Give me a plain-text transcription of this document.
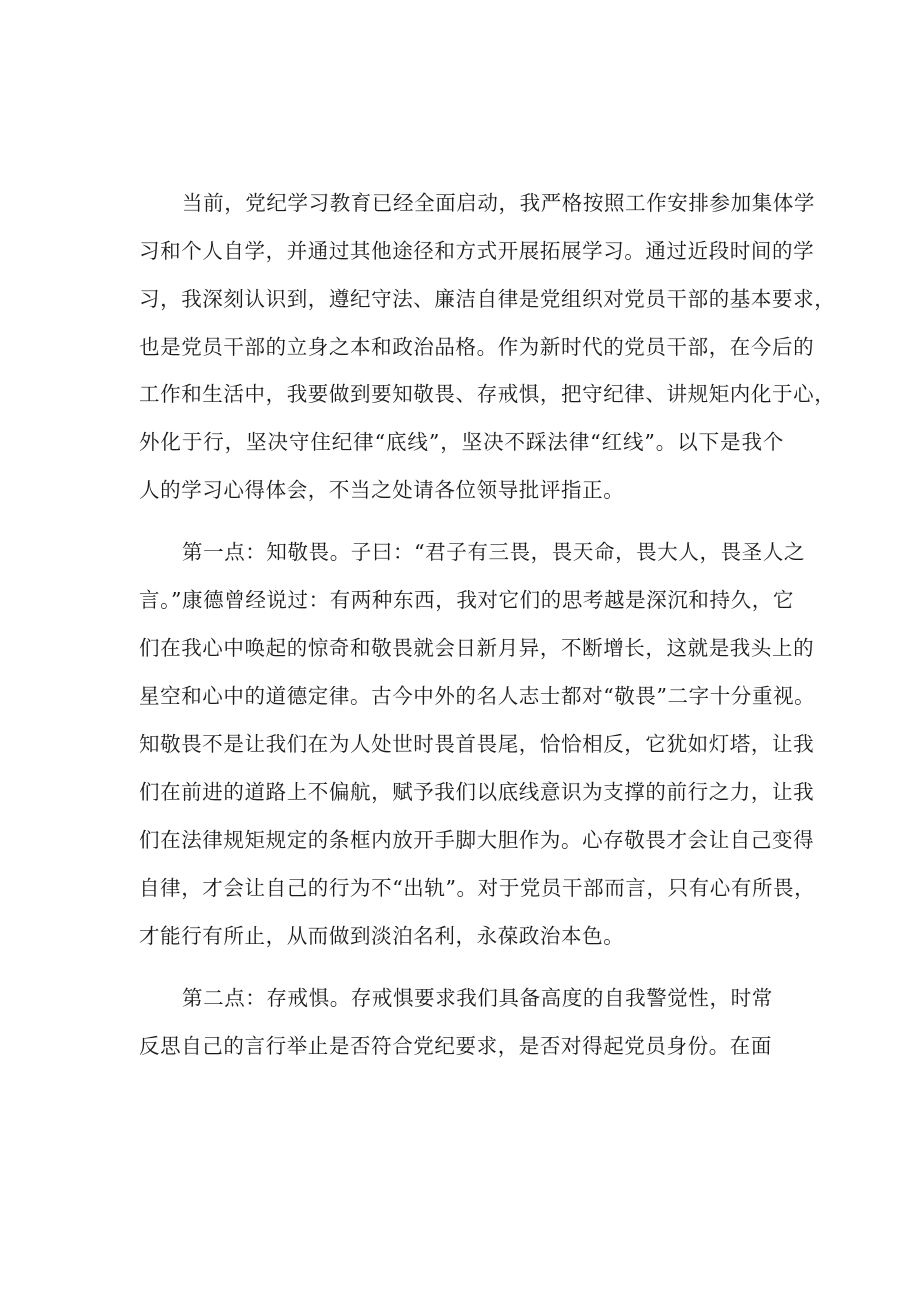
当前，党纪学习教育已经全面启动，我严格按照工作安排参加集体学
习和个人自学，并通过其他途径和方式开展拓展学习。通过近段时间的学
习，我深刻认识到，遵纪守法、廉洁自律是党组织对党员干部的基本要求，
也是党员干部的立身之本和政治品格。作为新时代的党员干部，在今后的
工作和生活中，我要做到要知敬畏、存戒惧，把守纪律、讲规矩内化于心，
外化于行，坚决守住纪律“底线”，坚决不踩法律“红线”。以下是我个
人的学习心得体会，不当之处请各位领导批评指正。
第一点：知敬畏。子曰：“君子有三畏，畏天命，畏大人，畏圣人之
言。”康德曾经说过：有两种东西，我对它们的思考越是深沉和持久，它
们在我心中唤起的惊奇和敬畏就会日新月异，不断增长，这就是我头上的
星空和心中的道德定律。古今中外的名人志士都对“敬畏”二字十分重视。
知敬畏不是让我们在为人处世时畏首畏尾，恰恰相反，它犹如灯塔，让我
们在前进的道路上不偏航，赋予我们以底线意识为支撑的前行之力，让我
们在法律规矩规定的条框内放开手脚大胆作为。心存敬畏才会让自己变得
自律，才会让自己的行为不“出轨”。对于党员干部而言，只有心有所畏，
才能行有所止，从而做到淡泊名利，永葆政治本色。
第二点：存戒惧。存戒惧要求我们具备高度的自我警觉性，时常
反思自己的言行举止是否符合党纪要求，是否对得起党员身份。在面
